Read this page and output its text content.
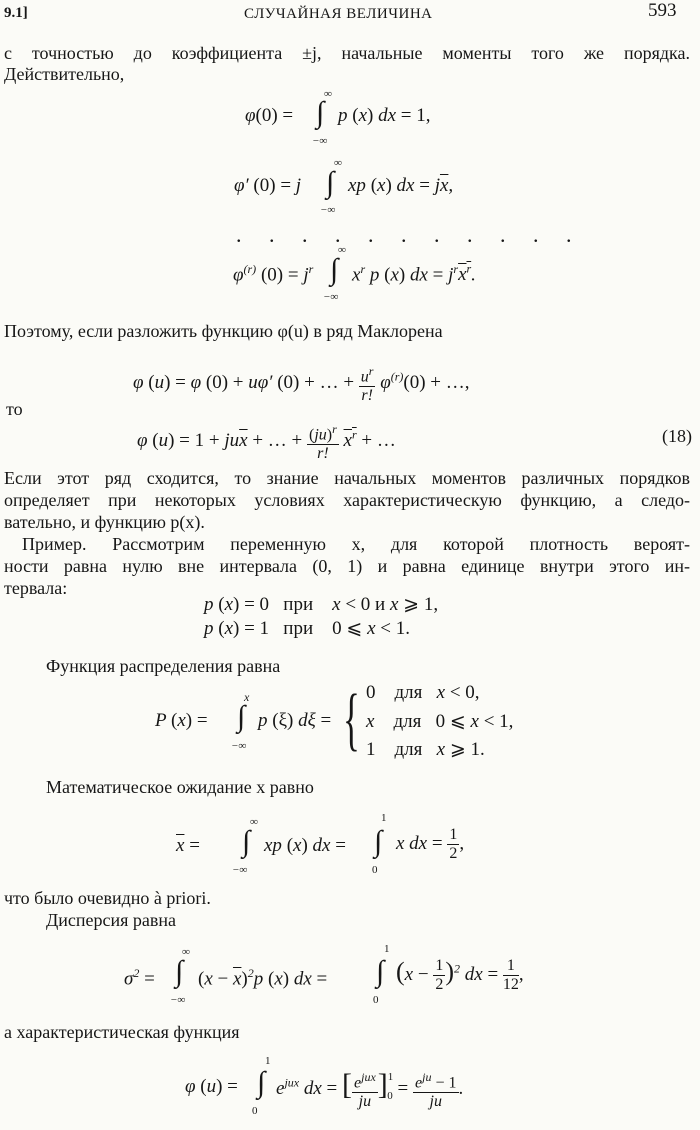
9.1]	СЛУЧАЙНАЯ ВЕЛИЧИНА	593
с точностью до коэффициента ±j, начальные моменты того же порядка.
Действительно,
φ(0) =
∞
∫
−∞
p (x) dx = 1,
φ′ (0) = j
∞
∫
−∞
xp (x) dx = $j\overline{x}$,
. . . . . . . . . . .
$\varphi^{(r)}$ $(0) = j^r$
∞
∫
−∞
$x^r$ p (x) dx = $j^rx^r$.
Поэтому, если разложить функцию φ(u) в ряд Маклорена
φ (u) = φ (0) + uφ′ (0) + … + $\frac{u^r}{r!} \varphi^{(r)}(0)$ + …,
то
φ $(u) = 1 + ju\overline{x}$ + … + $\frac{(ju)^r}{r!} x^r$ + …	(18)
Если этот ряд сходится, то знание начальных моментов различных порядков
определяет при некоторых условиях характеристическую функцию, а следо-
вательно, и функцию p(x).
Пример. Рассмотрим переменную x, для которой плотность вероят-
ности равна нулю вне интервала (0, 1) и равна единице внутри этого ин-
тервала:
p (x) = 0   при    x < 0 и x ⩾ 1,
p (x) = 1   при    0 ⩽ x < 1.
Функция распределения равна
P (x) =
x
∫
−∞
p (ξ) dξ = { 0    для   x < 0,
x    для   0 ⩽ x < 1,
1    для   x ⩾ 1.
Математическое ожидание x равно
$\overline{x}$ =
∞
∫
−∞
xp (x) dx =
1
∫
0
x dx = $\frac{1}{2}$ ,
что было очевидно à priori.
Дисперсия равна
$\sigma^2$ =
∞
∫
−∞
$(x - \overline{x})^2p$ (x) dx =
1
∫
0
$(x - \frac{1}{2} )^2$ dx = $\frac{1}{12}$ ,
а характеристическая функция
φ (u) =
1
∫
0
$e^{jux}$ dx = [ $\frac{e^{jux}}{ju} ]^1_0 = \frac{e^{ju} - 1}{ju}$ .
